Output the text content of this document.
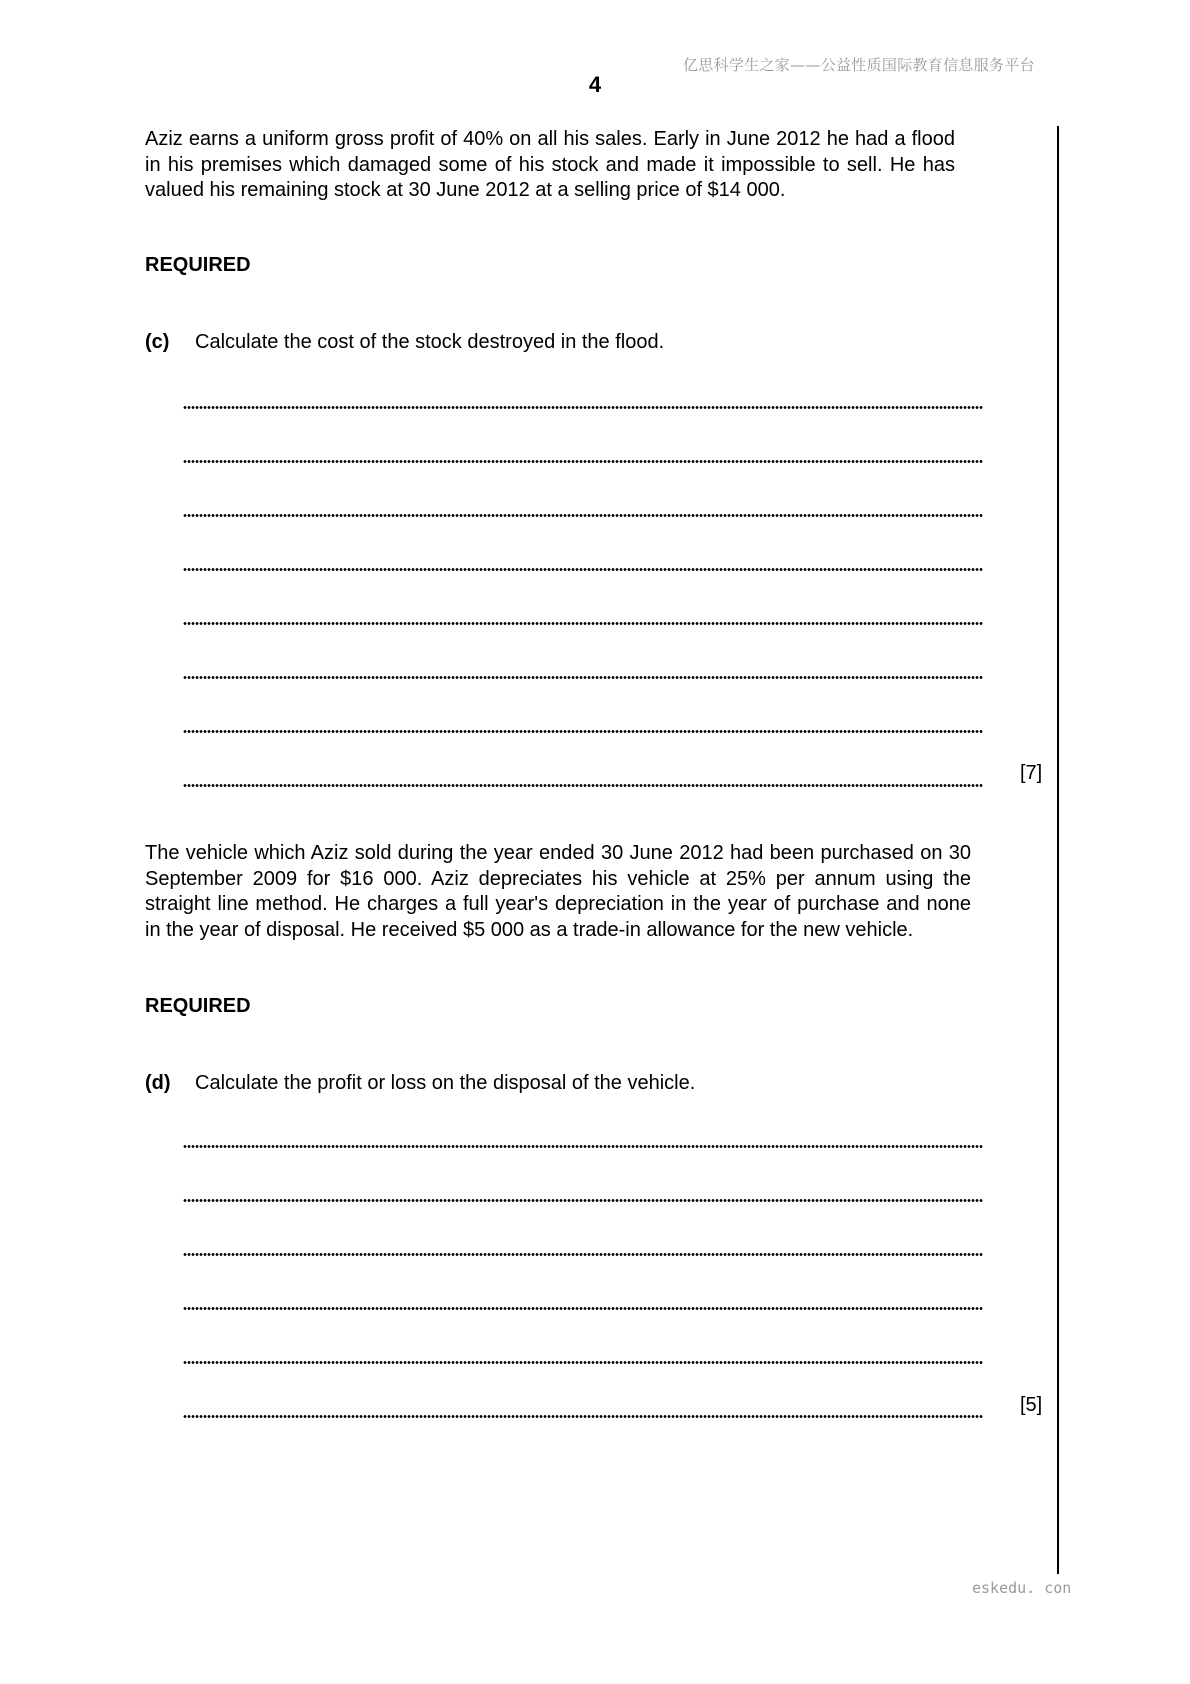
亿思科学生之家——公益性质国际教育信息服务平台
4

Aziz earns a uniform gross profit of 40% on all his sales. Early in June 2012 he had a flood in his premises which damaged some of his stock and made it impossible to sell. He has valued his remaining stock at 30 June 2012 at a selling price of $14 000.

REQUIRED

(c) Calculate the cost of the stock destroyed in the flood.

[7]

The vehicle which Aziz sold during the year ended 30 June 2012 had been purchased on 30 September 2009 for $16 000. Aziz depreciates his vehicle at 25% per annum using the straight line method. He charges a full year's depreciation in the year of purchase and none in the year of disposal. He received $5 000 as a trade-in allowance for the new vehicle.

REQUIRED

(d) Calculate the profit or loss on the disposal of the vehicle.

[5]

eskedu. con
